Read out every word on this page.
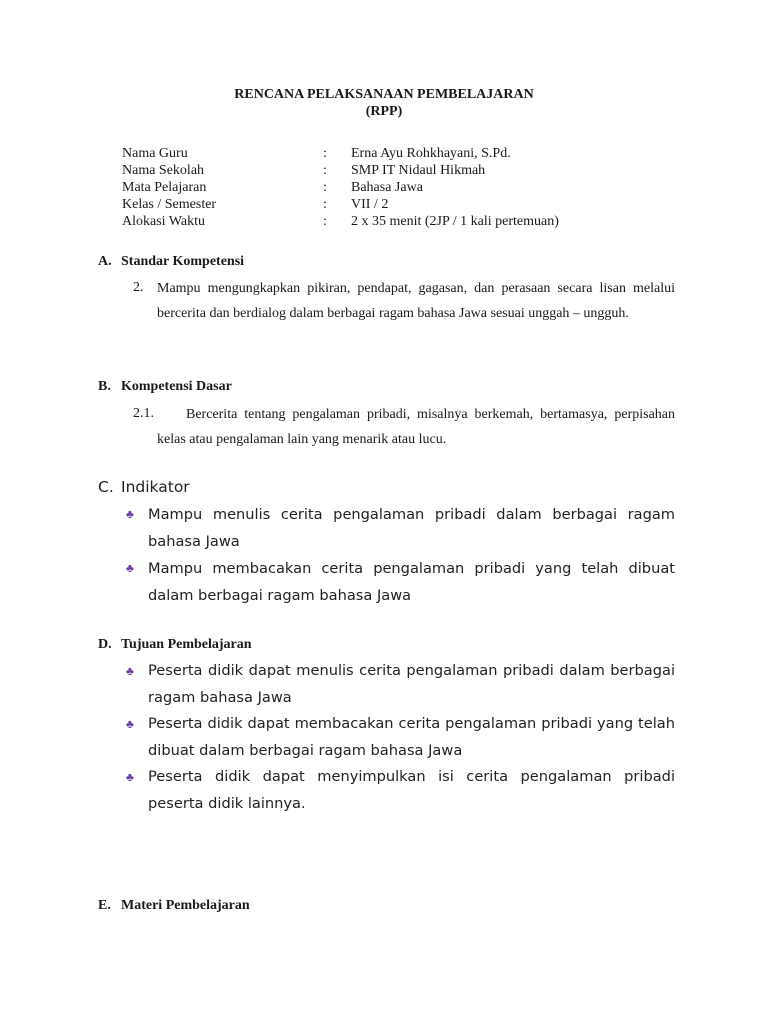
RENCANA PELAKSANAAN PEMBELAJARAN
(RPP)
Nama Guru	: Erna Ayu Rohkhayani, S.Pd.
Nama Sekolah	: SMP IT Nidaul Hikmah
Mata Pelajaran	: Bahasa Jawa
Kelas / Semester	: VII / 2
Alokasi Waktu	: 2 x 35 menit (2JP / 1 kali pertemuan)
A. Standar Kompetensi
2. Mampu mengungkapkan pikiran, pendapat, gagasan, dan perasaan secara lisan melalui bercerita dan berdialog dalam berbagai ragam bahasa Jawa sesuai unggah – ungguh.
B. Kompetensi Dasar
2.1.	Bercerita tentang pengalaman pribadi, misalnya berkemah, bertamasya, perpisahan kelas atau pengalaman lain yang menarik atau lucu.
C. Indikator
♣ Mampu menulis cerita pengalaman pribadi dalam berbagai ragam bahasa Jawa
♣ Mampu membacakan cerita pengalaman pribadi yang telah dibuat dalam berbagai ragam bahasa Jawa
D. Tujuan Pembelajaran
♣ Peserta didik dapat menulis cerita pengalaman pribadi dalam berbagai ragam bahasa Jawa
♣ Peserta didik dapat membacakan cerita pengalaman pribadi yang telah dibuat dalam berbagai ragam bahasa Jawa
♣ Peserta didik dapat menyimpulkan isi cerita pengalaman pribadi peserta didik lainnya.
E. Materi Pembelajaran
